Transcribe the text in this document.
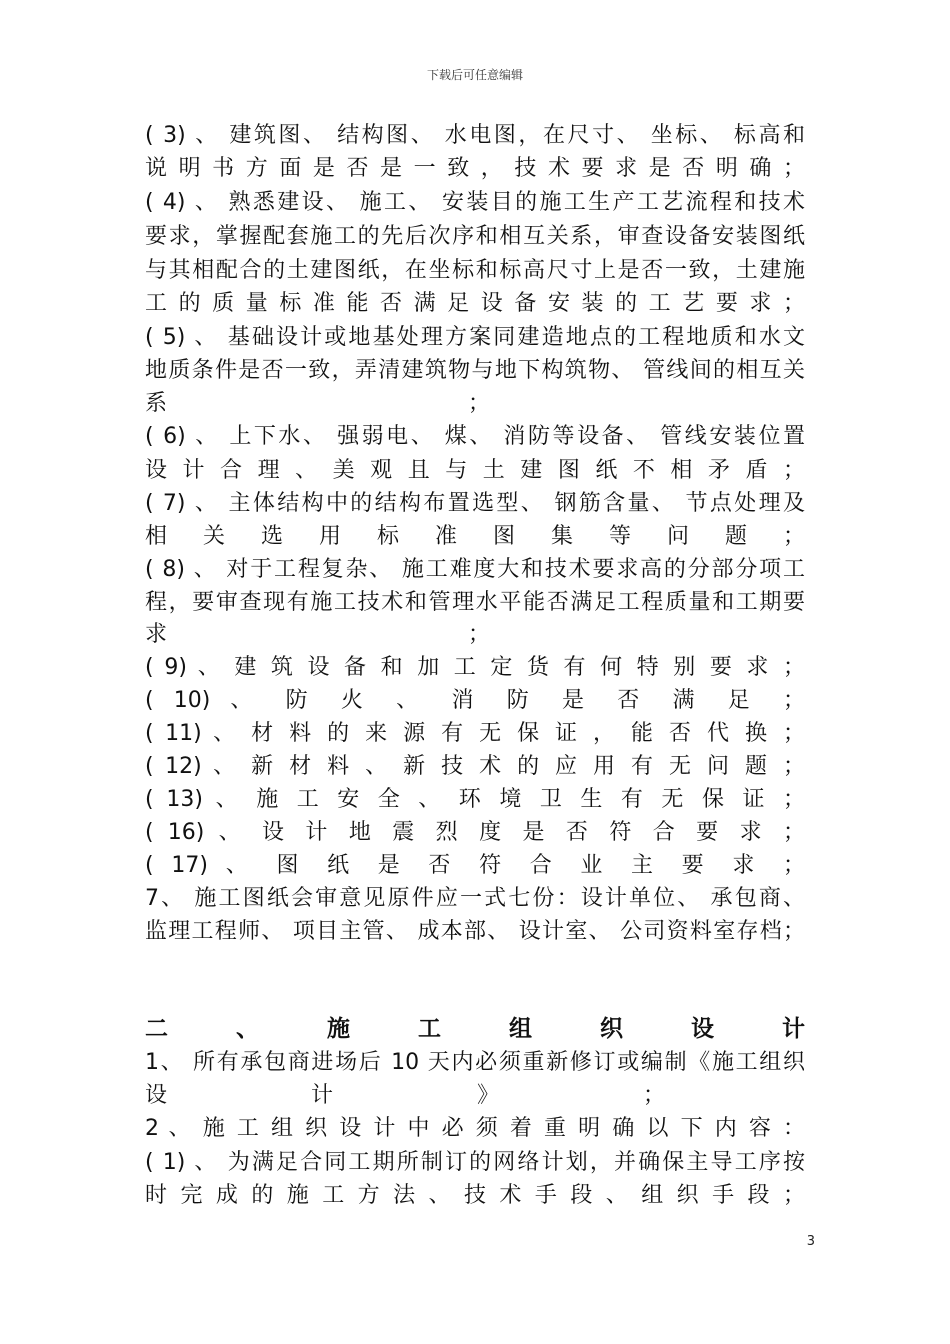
下载后可任意编辑
( 3) 、 建筑图、 结构图、 水电图，在尺寸、 坐标、 标高和
说 明 书 方 面 是 否 是 一 致 ， 技 术 要 求 是 否 明 确 ；
( 4) 、 熟悉建设、 施工、 安装目的施工生产工艺流程和技术
要求，掌握配套施工的先后次序和相互关系，审查设备安装图纸
与其相配合的土建图纸，在坐标和标高尺寸上是否一致，土建施
工 的 质 量 标 准 能 否 满 足 设 备 安 装 的 工 艺 要 求 ；
( 5) 、 基础设计或地基处理方案同建造地点的工程地质和水文
地质条件是否一致，弄清建筑物与地下构筑物、 管线间的相互关
系 ；
( 6) 、 上下水、 强弱电、 煤、 消防等设备、 管线安装位置
设 计 合 理 、 美 观 且 与 土 建 图 纸 不 相 矛 盾 ；
( 7) 、 主体结构中的结构布置选型、 钢筋含量、 节点处理及
相 关 选 用 标 准 图 集 等 问 题 ；
( 8) 、 对于工程复杂、 施工难度大和技术要求高的分部分项工
程，要审查现有施工技术和管理水平能否满足工程质量和工期要
求 ；
( 9) 、 建 筑 设 备 和 加 工 定 货 有 何 特 别 要 求 ；
( 10) 、 防 火 、 消 防 是 否 满 足 ；
( 11) 、 材 料 的 来 源 有 无 保 证 ， 能 否 代 换 ；
( 12) 、 新 材 料 、 新 技 术 的 应 用 有 无 问 题 ；
( 13) 、 施 工 安 全 、 环 境 卫 生 有 无 保 证 ；
( 16) 、 设 计 地 震 烈 度 是 否 符 合 要 求 ；
( 17) 、 图 纸 是 否 符 合 业 主 要 求 ；
7、 施工图纸会审意见原件应一式七份：设计单位、 承包商、
监理工程师、 项目主管、 成本部、 设计室、 公司资料室存档；
二 、 施 工 组 织 设 计
1、 所有承包商进场后 10 天内必须重新修订或编制《施工组织
设 计 》 ；
2 、 施 工 组 织 设 计 中 必 须 着 重 明 确 以 下 内 容 ：
( 1) 、 为满足合同工期所制订的网络计划，并确保主导工序按
时 完 成 的 施 工 方 法 、 技 术 手 段 、 组 织 手 段 ；
3
